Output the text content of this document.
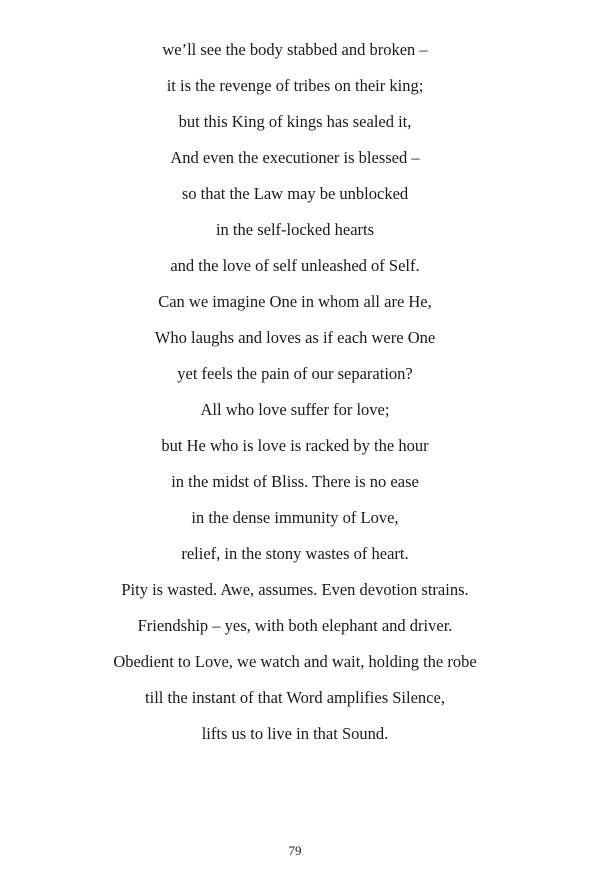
we’ll see the body stabbed and broken –
it is the revenge of tribes on their king;
but this King of kings has sealed it,
And even the executioner is blessed –
so that the Law may be unblocked
in the self-locked hearts
and the love of self unleashed of Self.
Can we imagine One in whom all are He,
Who laughs and loves as if each were One
yet feels the pain of our separation?
All who love suffer for love;
but He who is love is racked by the hour
in the midst of Bliss. There is no ease
in the dense immunity of Love,
relief, in the stony wastes of heart.
Pity is wasted. Awe, assumes. Even devotion strains.
Friendship – yes, with both elephant and driver.
Obedient to Love, we watch and wait, holding the robe
till the instant of that Word amplifies Silence,
lifts us to live in that Sound.
79
